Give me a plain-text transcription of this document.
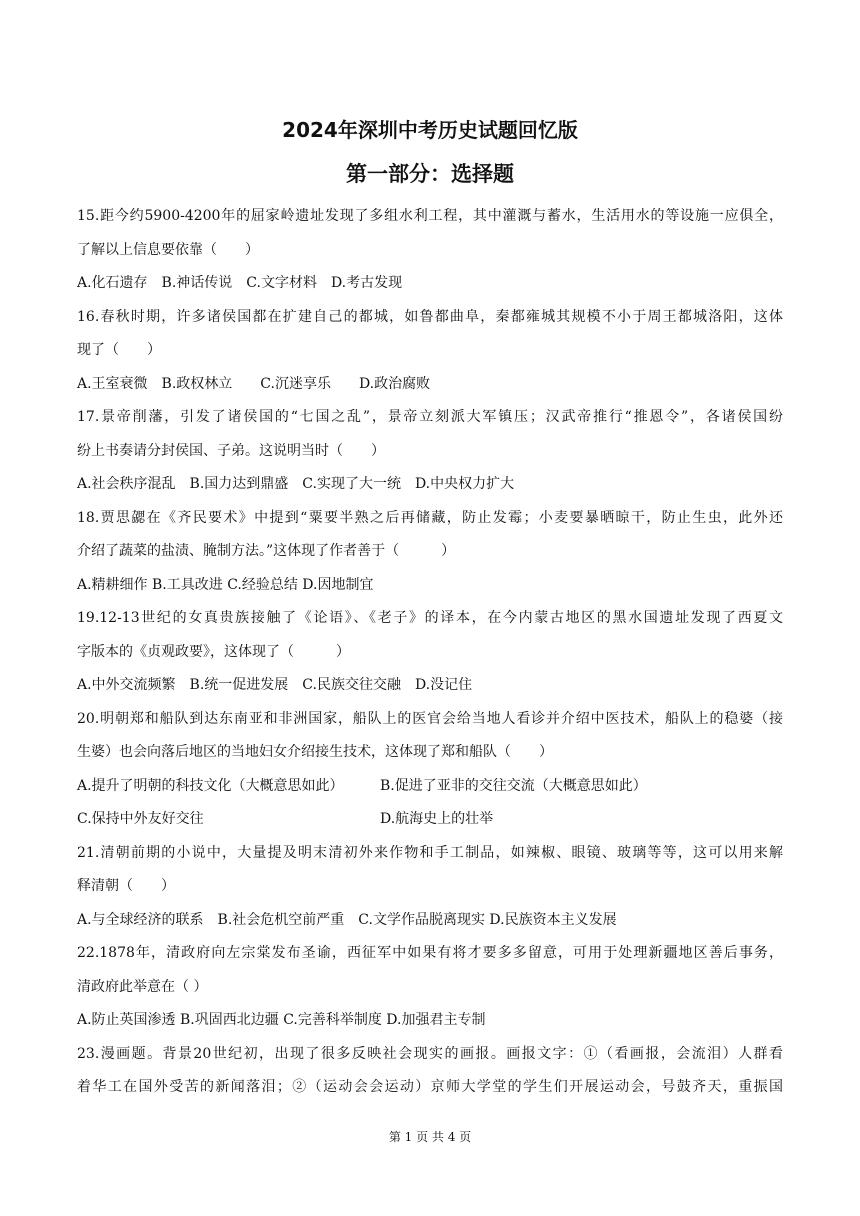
2024年深圳中考历史试题回忆版
第一部分：选择题
15.距今约5900-4200年的屈家岭遗址发现了多组水利工程，其中灌溉与蓄水，生活用水的等设施一应俱全，
了解以上信息要依靠（　　）
A.化石遗存　B.神话传说　C.文字材料　D.考古发现
16.春秋时期，许多诸侯国都在扩建自己的都城，如鲁都曲阜，秦都雍城其规模不小于周王都城洛阳，这体
现了（　　）
A.王室衰微　B.政权林立　　C.沉迷享乐　　D.政治腐败
17.景帝削藩，引发了诸侯国的“七国之乱”，景帝立刻派大军镇压；汉武帝推行“推恩令”，各诸侯国纷
纷上书奏请分封侯国、子弟。这说明当时（　　）
A.社会秩序混乱　B.国力达到鼎盛　C.实现了大一统　D.中央权力扩大
18.贾思勰在《齐民要术》中提到“粟要半熟之后再储藏，防止发霉；小麦要暴晒晾干，防止生虫，此外还
介绍了蔬菜的盐渍、腌制方法。”这体现了作者善于（　　　）
A.精耕细作 B.工具改进 C.经验总结 D.因地制宜
19.12-13世纪的女真贵族接触了《论语》、《老子》的译本，在今内蒙古地区的黑水国遗址发现了西夏文
字版本的《贞观政要》，这体现了（　　　）
A.中外交流频繁　B.统一促进发展　C.民族交往交融　D.没记住
20.明朝郑和船队到达东南亚和非洲国家，船队上的医官会给当地人看诊并介绍中医技术，船队上的稳婆（接
生婆）也会向落后地区的当地妇女介绍接生技术，这体现了郑和船队（　　）
A.提升了明朝的科技文化（大概意思如此）	B.促进了亚非的交往交流（大概意思如此）
C.保持中外友好交往	D.航海史上的壮举
21.清朝前期的小说中，大量提及明末清初外来作物和手工制品，如辣椒、眼镜、玻璃等等，这可以用来解
释清朝（　　）
A.与全球经济的联系　B.社会危机空前严重　C.文学作品脱离现实 D.民族资本主义发展
22.1878年，清政府向左宗棠发布圣谕，西征军中如果有将才要多多留意，可用于处理新疆地区善后事务，
清政府此举意在（ ）
A.防止英国渗透 B.巩固西北边疆 C.完善科举制度 D.加强君主专制
23.漫画题。背景20世纪初，出现了很多反映社会现实的画报。画报文字：①（看画报，会流泪）人群看
着华工在国外受苦的新闻落泪；②（运动会会运动）京师大学堂的学生们开展运动会，号鼓齐天，重振国
第 1 页 共 4 页
